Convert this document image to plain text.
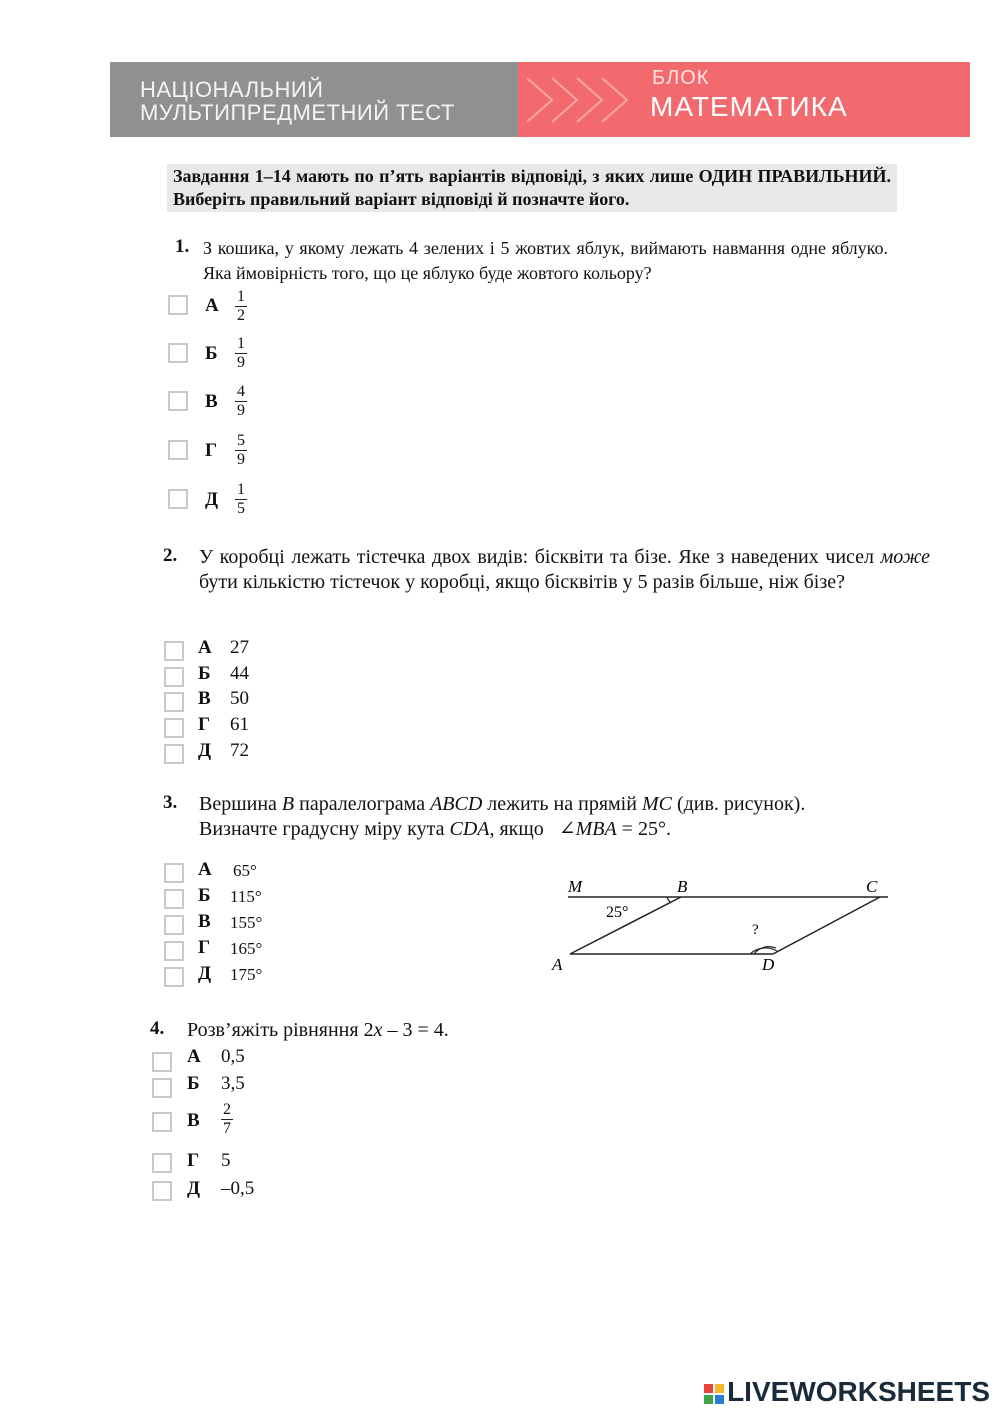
НАЦІОНАЛЬНИЙ
МУЛЬТИПРЕДМЕТНИЙ ТЕСТ
БЛОК
МАТЕМАТИКА
Завдання 1–14 мають по п’ять варіантів відповіді, з яких лише ОДИН ПРАВИЛЬНИЙ. Виберіть правильний варіант відповіді й позначте його.
1. З кошика, у якому лежать 4 зелених і 5 жовтих яблук, виймають навмання одне яблуко. Яка ймовірність того, що це яблуко буде жовтого кольору?
А $\frac{1}{2}$
Б $\frac{1}{9}$
В $\frac{4}{9}$
Г $\frac{5}{9}$
Д $\frac{1}{5}$
2. У коробці лежать тістечка двох видів: бісквіти та бізе. Яке з наведених чисел може бути кількістю тістечок у коробці, якщо бісквітів у 5 разів більше, ніж бізе?
А 27
Б 44
В 50
Г 61
Д 72
3. Вершина B паралелограма ABCD лежить на прямій MC (див. рисунок).
Визначте градусну міру кута CDA, якщо   ∠MBA = 25°.
А 65°
Б 115°
В 155°
Г 165°
Д 175°
M	B	C
A	D
25°
?
4. Розв’яжіть рівняння 2x – 3 = 4.
А 0,5
Б 3,5
В $\frac{2}{7}$
Г 5
Д –0,5
LIVEWORKSHEETS
